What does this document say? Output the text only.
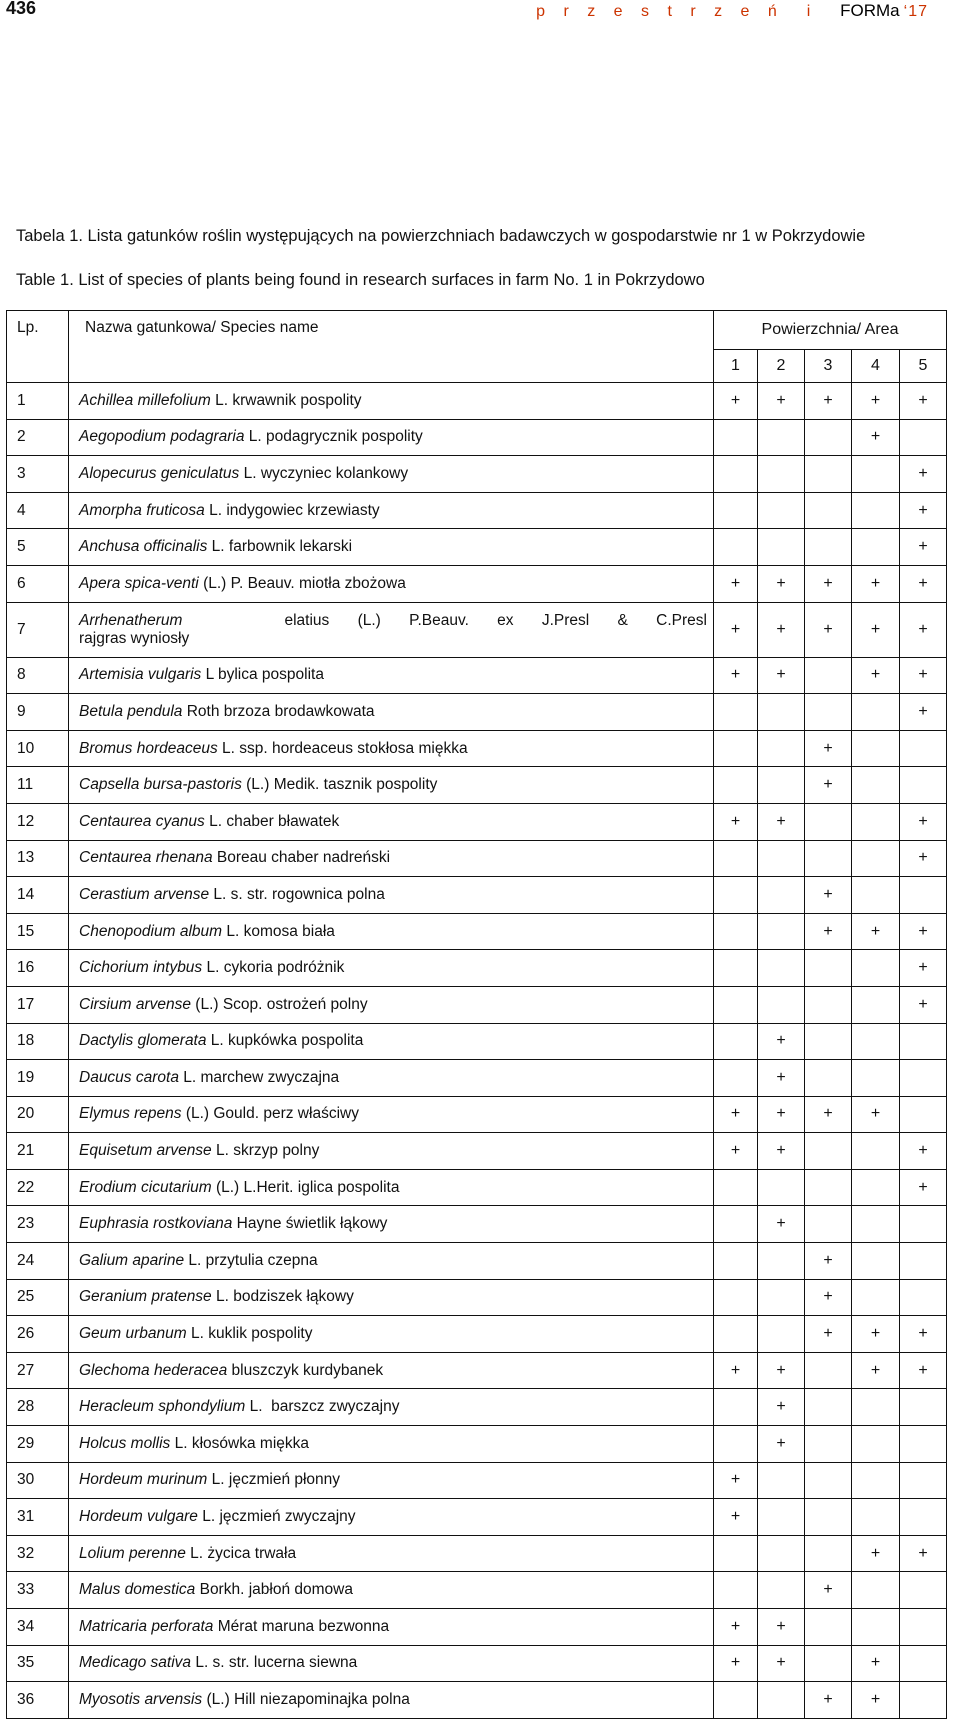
436	p r z e s t r z e ń  i  FORMa ‘17
Tabela 1. Lista gatunków roślin występujących na powierzchniach badawczych w gospodarstwie nr 1 w Pokrzydowie
Table 1. List of species of plants being found in research surfaces in farm No. 1 in Pokrzydowo
Lp.	Nazwa gatunkowa/ Species name	Powierzchnia/ Area				
		1	2	3	4	5
1	Achillea millefolium L. krwawnik pospolity	+	+	+	+	+
2	Aegopodium podagraria L. podagrycznik pospolity				+	
3	Alopecurus geniculatus L. wyczyniec kolankowy					+
4	Amorpha fruticosa L. indygowiec krzewiasty					+
5	Anchusa officinalis L. farbownik lekarski					+
6	Apera spica-venti (L.) P. Beauv. miotła zbożowa	+	+	+	+	+
7	Arrhenatherum elatius (L.) P.Beauv. ex J.Presl & C.Presl
rajgras wyniosły	+	+	+	+	+
8	Artemisia vulgaris L bylica pospolita	+	+		+	+
9	Betula pendula Roth brzoza brodawkowata					+
10	Bromus hordeaceus L. ssp. hordeaceus stokłosa miękka			+		
11	Capsella bursa-pastoris (L.) Medik. tasznik pospolity			+		
12	Centaurea cyanus L. chaber bławatek	+	+			+
13	Centaurea rhenana Boreau chaber nadreński					+
14	Cerastium arvense L. s. str. rogownica polna			+		
15	Chenopodium album L. komosa biała			+	+	+
16	Cichorium intybus L. cykoria podróżnik					+
17	Cirsium arvense (L.) Scop. ostrożeń polny					+
18	Dactylis glomerata L. kupkówka pospolita		+			
19	Daucus carota L. marchew zwyczajna		+			
20	Elymus repens (L.) Gould. perz właściwy	+	+	+	+	
21	Equisetum arvense L. skrzyp polny	+	+			+
22	Erodium cicutarium (L.) L.Herit. iglica pospolita					+
23	Euphrasia rostkoviana Hayne świetlik łąkowy		+			
24	Galium aparine L. przytulia czepna			+		
25	Geranium pratense L. bodziszek łąkowy			+		
26	Geum urbanum L. kuklik pospolity			+	+	+
27	Glechoma hederacea bluszczyk kurdybanek	+	+		+	+
28	Heracleum sphondylium L.  barszcz zwyczajny		+			
29	Holcus mollis L. kłosówka miękka		+			
30	Hordeum murinum L. jęczmień płonny	+				
31	Hordeum vulgare L. jęczmień zwyczajny	+				
32	Lolium perenne L. życica trwała				+	+
33	Malus domestica Borkh. jabłoń domowa			+		
34	Matricaria perforata Mérat maruna bezwonna	+	+			
35	Medicago sativa L. s. str. lucerna siewna	+	+		+	
36	Myosotis arvensis (L.) Hill niezapominajka polna			+	+	
